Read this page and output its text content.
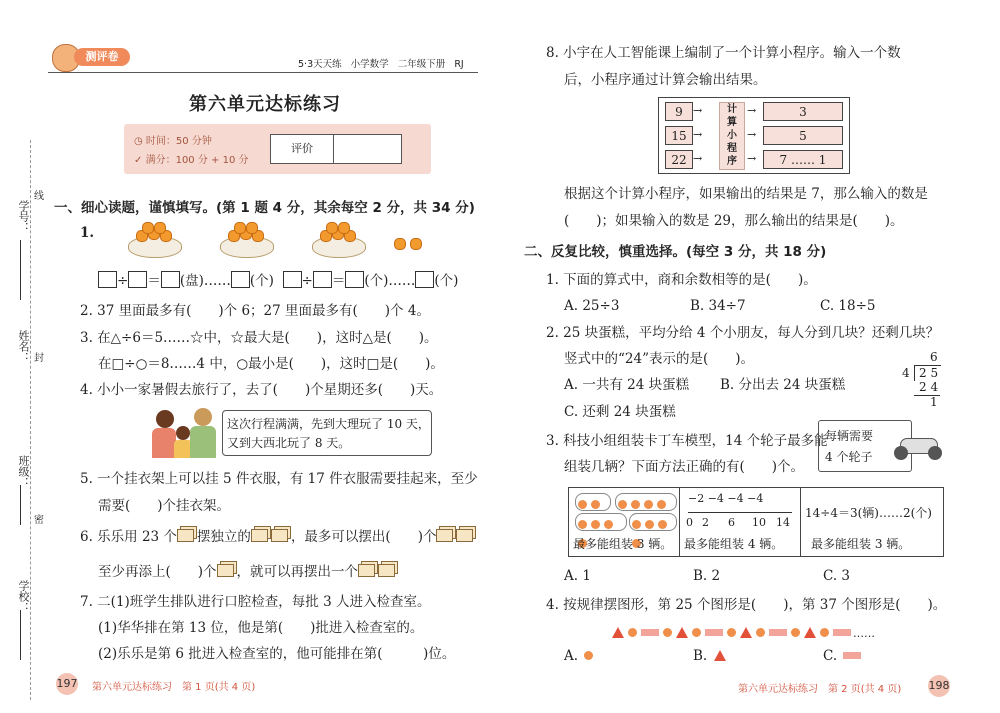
学号：
线
姓名： 封
班级：
密
学校：
测评卷
5·3天天练 小学数学 二年级下册 RJ
第六单元达标练习
◷ 时间：50 分钟
✓ 满分：100 分 + 10 分
评价
一、细心读题，谨慎填写。(第 1 题 4 分，其余每空 2 分，共 34 分)
1.
÷ ＝ (盘)…… (个) ÷ ＝ (个)…… (个)
2. 37 里面最多有(　　)个 6；27 里面最多有(　　)个 4。
3. 在△÷6＝5……☆中，☆最大是(　　)，这时△是(　　)。
在□÷○＝8……4 中，○最小是(　　)，这时□是(　　)。
4. 小小一家暑假去旅行了，去了(　　)个星期还多(　　)天。
这次行程满满，先到大理玩了 10 天，
又到大西北玩了 8 天。
5. 一个挂衣架上可以挂 5 件衣服，有 17 件衣服需要挂起来，至少
需要(　　)个挂衣架。
6. 乐乐用 23 个 摆独立的	，最多可以摆出(　　)个
至少再添上(　　)个 ，就可以再摆出一个
7. 二(1)班学生排队进行口腔检查，每批 3 人进入检查室。
(1)华华排在第 13 位，他是第(　　)批进入检查室的。
(2)乐乐是第 6 批进入检查室的，他可能排在第(　　　)位。
197 第六单元达标练习　第 1 页(共 4 页)
8. 小宇在人工智能课上编制了一个计算小程序。输入一个数
后，小程序通过计算会输出结果。
9 →
15 →
22 →
计
算
小
程
序
→	3
→	5
→	7 …… 1
根据这个计算小程序，如果输出的结果是 7，那么输入的数是
(　　)；如果输入的数是 29，那么输出的结果是(　　)。
二、反复比较，慎重选择。(每空 3 分，共 18 分)
1. 下面的算式中，商和余数相等的是(　　)。
A. 25÷3	B. 34÷7	C. 18÷5
2. 25 块蛋糕，平均分给 4 个小朋友，每人分到几块？还剩几块？
竖式中的“24”表示的是(　　)。
A. 一共有 24 块蛋糕 B. 分出去 24 块蛋糕
C. 还剩 24 块蛋糕
6
4 2 5
2 4
1
3. 科技小组组装卡丁车模型，14 个轮子最多能
组装几辆？下面方法正确的有(　　)个。
每辆需要
4 个轮子
最多能组装 3 辆。
−2 −4 −4 −4
0 2 6 10 14
最多能组装 4 辆。
14÷4＝3(辆)……2(个)
最多能组装 3 辆。
A. 1	B. 2	C. 3
4. 按规律摆图形，第 25 个图形是(　　)，第 37 个图形是(　　)。
……
A.	B.	C.
第六单元达标练习　第 2 页(共 4 页) 198
